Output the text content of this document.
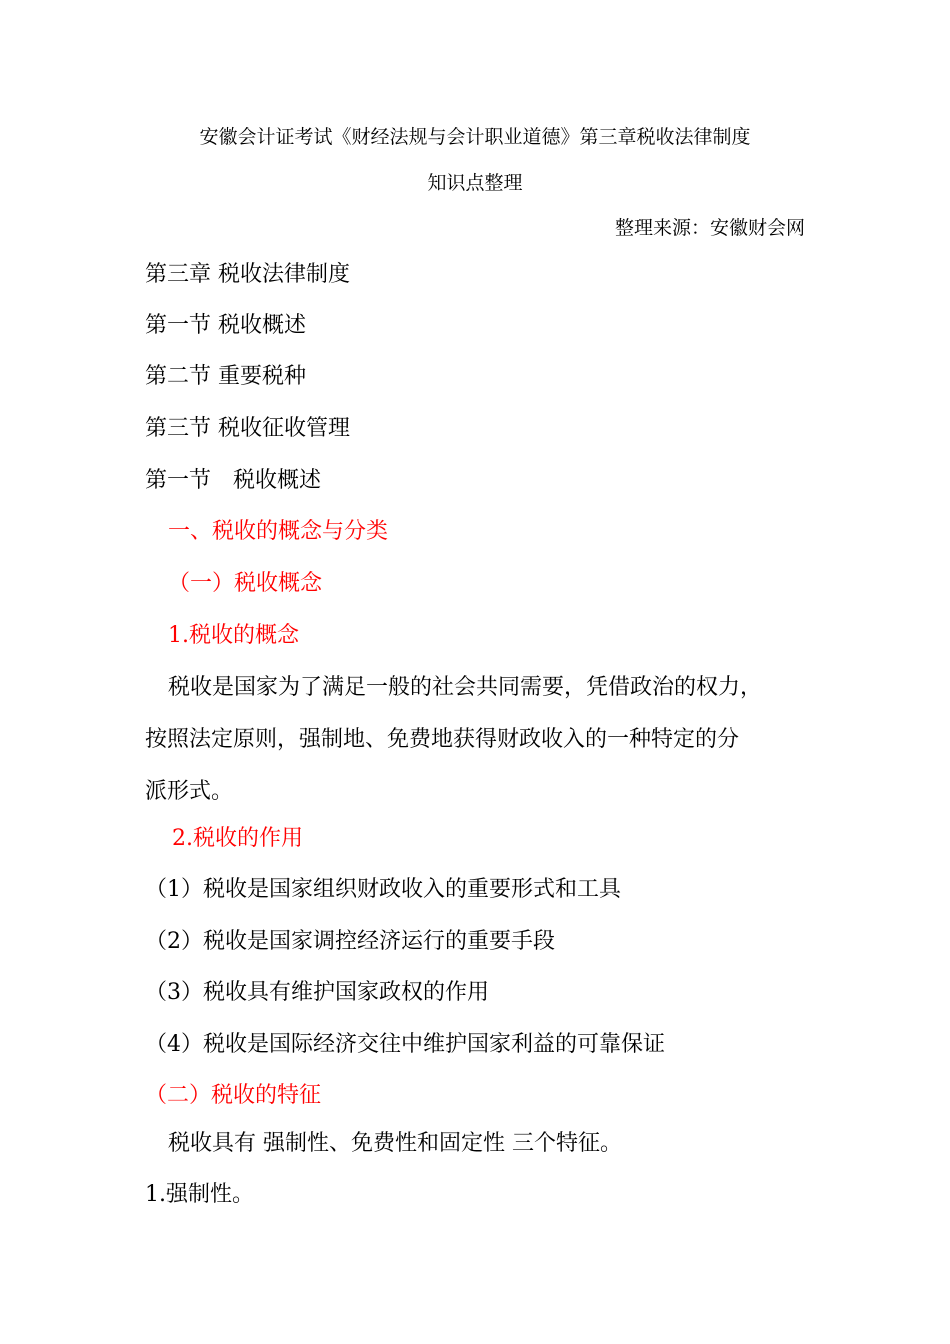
安徽会计证考试《财经法规与会计职业道德》第三章税收法律制度
知识点整理
整理来源：安徽财会网
第三章 税收法律制度
第一节 税收概述
第二节 重要税种
第三节 税收征收管理
第一节　税收概述
一、税收的概念与分类
（一）税收概念
1.税收的概念
税收是国家为了满足一般的社会共同需要，凭借政治的权力，
按照法定原则，强制地、免费地获得财政收入的一种特定的分
派形式。
2.税收的作用
（1）税收是国家组织财政收入的重要形式和工具
（2）税收是国家调控经济运行的重要手段
（3）税收具有维护国家政权的作用
（4）税收是国际经济交往中维护国家利益的可靠保证
（二）税收的特征
税收具有 强制性、免费性和固定性 三个特征。
1.强制性。
